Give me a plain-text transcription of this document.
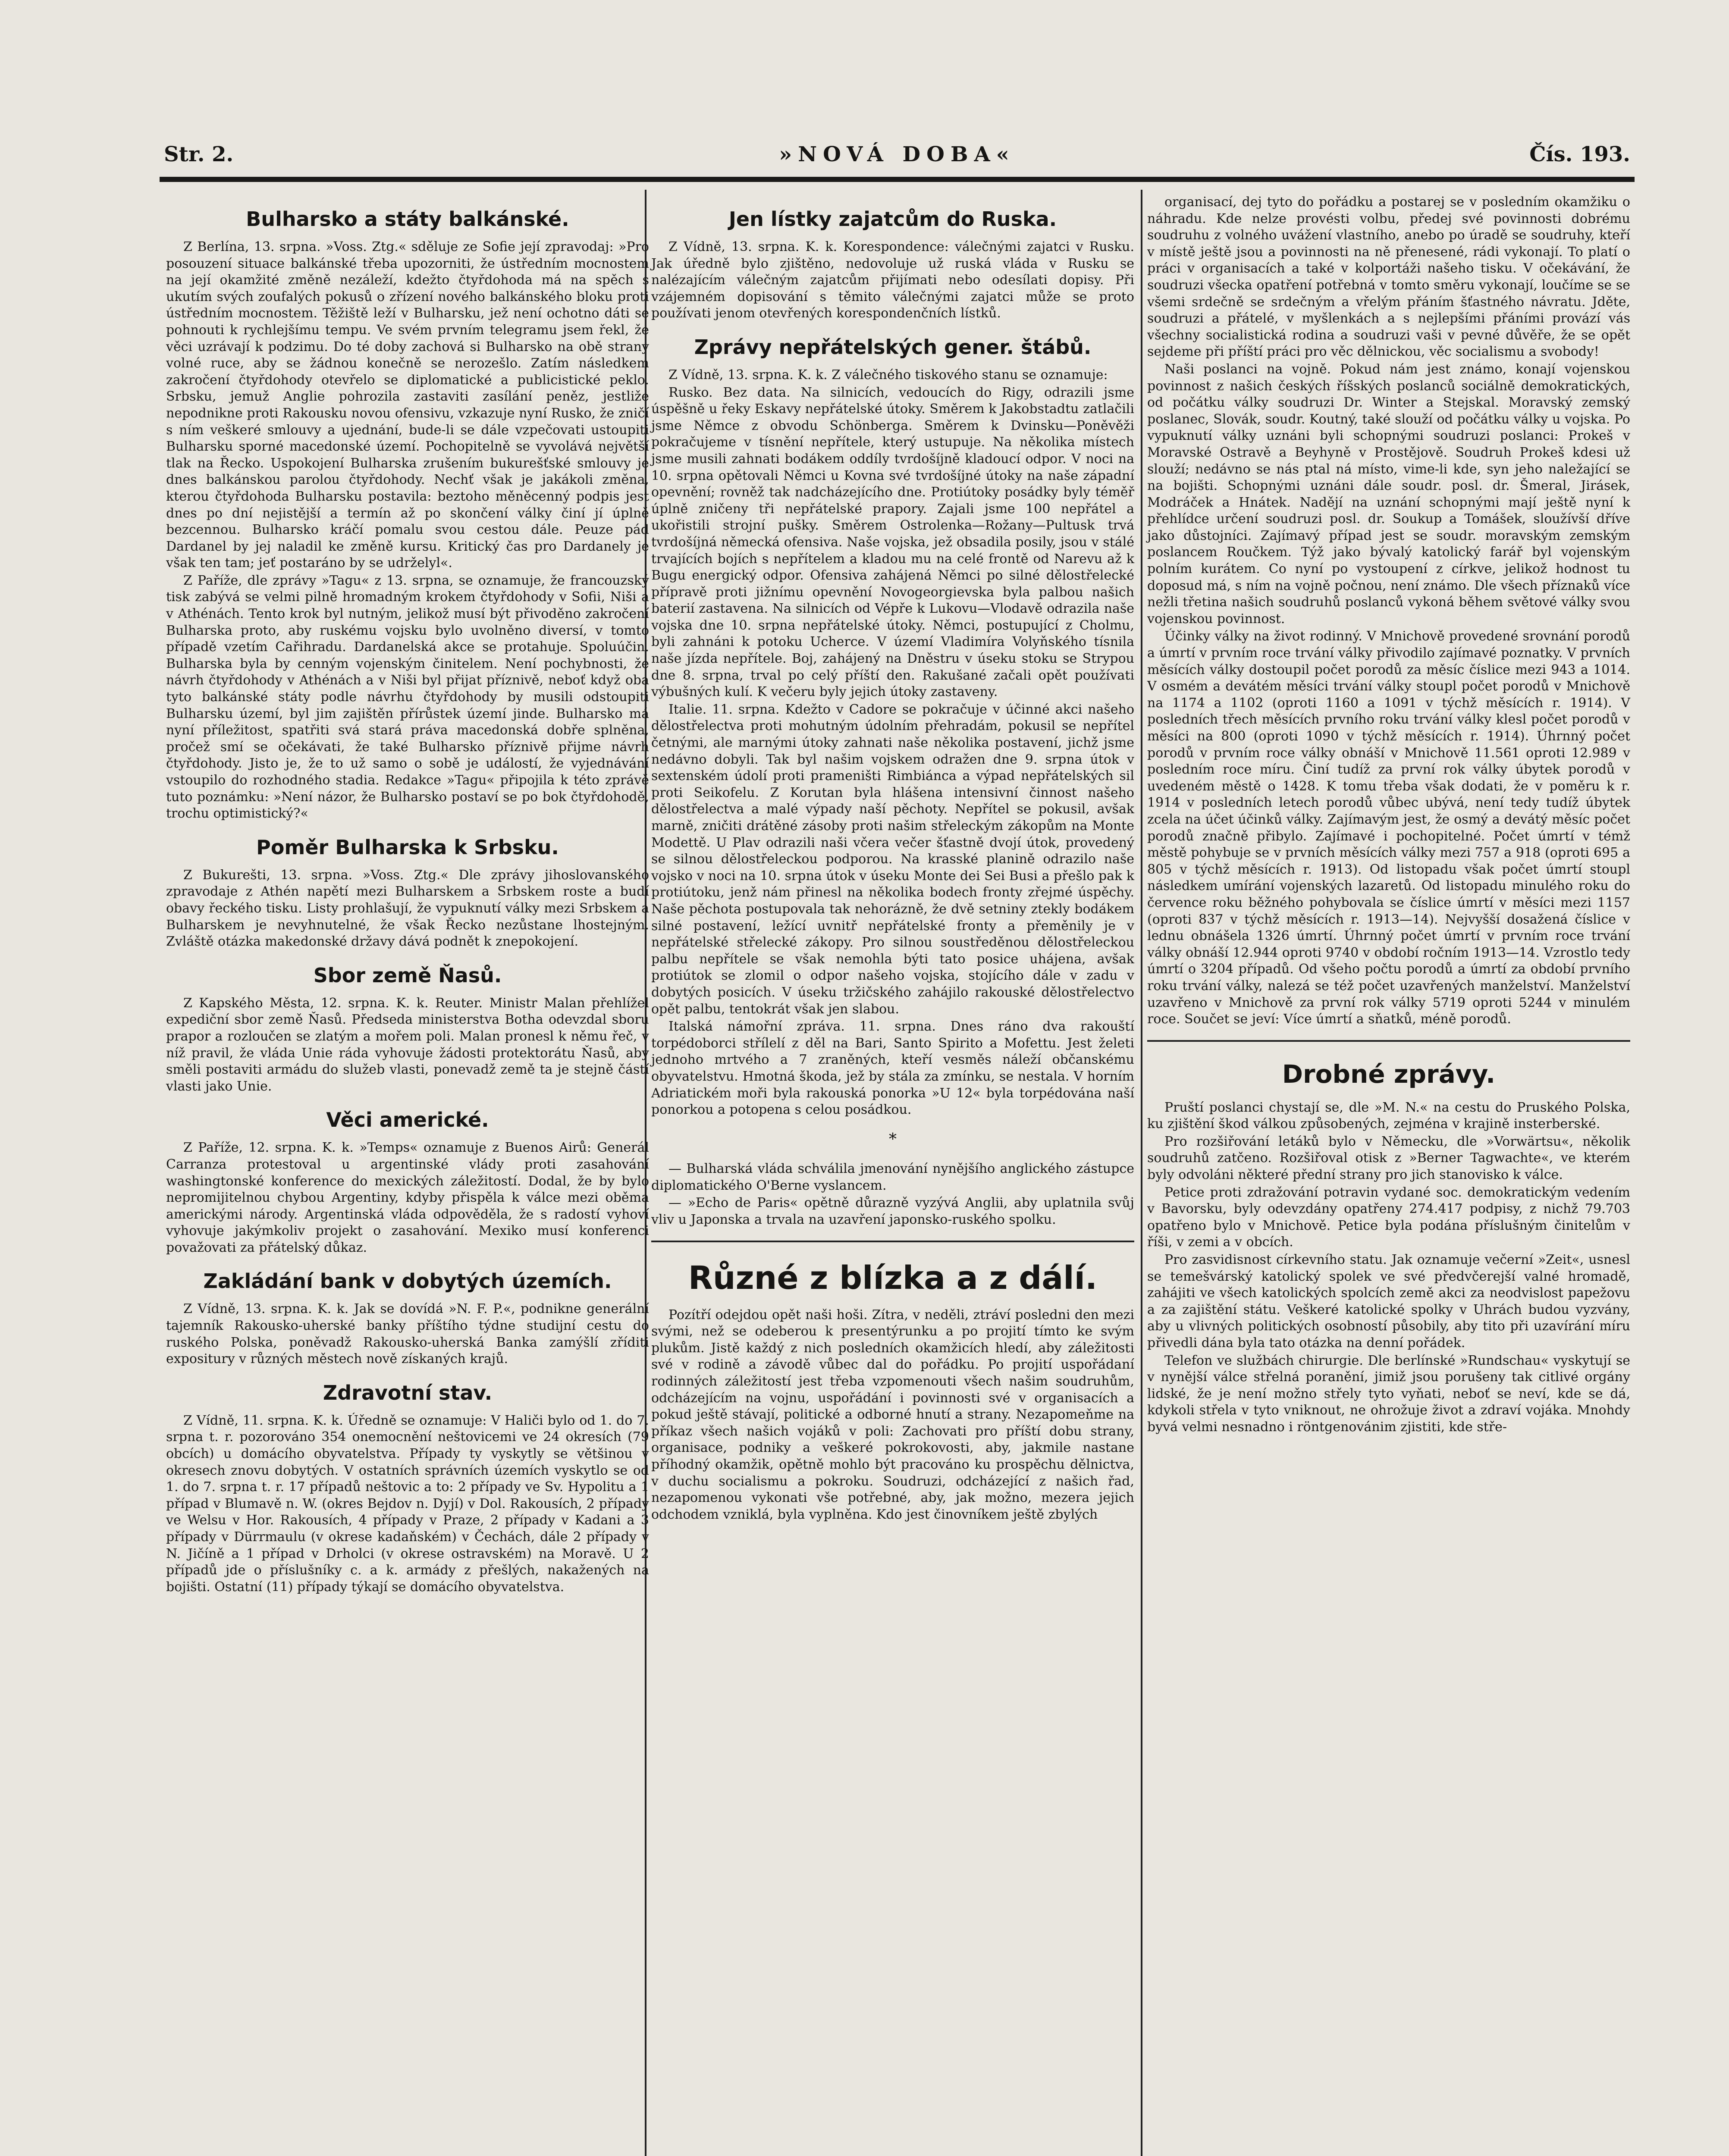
Str. 2.	»NOVÁ DOBA«	Čís. 193.
Bulharsko a státy balkánské.

Z Berlína, 13. srpna. »Voss. Ztg.« sděluje ze Sofie její zpravodaj: »Pro posouzení situace balkánské třeba upozorniti, že ústředním mocnostem na její okamžité změně nezáleží, kdežto čtyřdohoda má na spěch s ukutím svých zoufalých pokusů o zřízení nového balkánského bloku proti ústředním mocnostem. Těžiště leží v Bulharsku, jež není ochotno dáti se pohnouti k rychlejšímu tempu. Ve svém prvním telegramu jsem řekl, že věci uzrávají k podzimu. Do té doby zachová si Bulharsko na obě strany volné ruce, aby se žádnou konečně se nerozešlo. Zatím následkem zakročení čtyřdohody otevřelo se diplomatické a publicistické peklo. Srbsku, jemuž Anglie pohrozila zastaviti zasílání peněz, jestliže nepodnikne proti Rakousku novou ofensivu, vzkazuje nyní Rusko, že zničí s ním veškeré smlouvy a ujednání, bude-li se dále vzpečovati ustoupiti Bulharsku sporné macedonské území. Pochopitelně se vyvolává největší tlak na Řecko. Uspokojení Bulharska zrušením bukurešťské smlouvy je dnes balkánskou parolou čtyřdohody. Nechť však je jakákoli změna, kterou čtyřdohoda Bulharsku postavila: beztoho měněcenný podpis jest dnes po dní nejistější a termín až po skončení války činí jí úplně bezcennou. Bulharsko kráčí pomalu svou cestou dále. Peuze pád Dardanel by jej naladil ke změně kursu. Kritický čas pro Dardanely je však ten tam; jeť postaráno by se udrželyl«.

Z Paříže, dle zprávy »Tagu« z 13. srpna, se oznamuje, že francouzský tisk zabývá se velmi pilně hromadným krokem čtyřdohody v Sofii, Niši a v Athénách. Tento krok byl nutným, jelikož musí být přivoděno zakročení Bulharska proto, aby ruskému vojsku bylo uvolněno diversí, v tomto případě vzetím Cařihradu. Dardanelská akce se protahuje. Spoluúčin. Bulharska byla by cenným vojenským činitelem. Není pochybnosti, že návrh čtyřdohody v Athénách a v Niši byl přijat příznivě, neboť když oba tyto balkánské státy podle návrhu čtyřdohody by musili odstoupiti Bulharsku území, byl jim zajištěn přírůstek území jinde. Bulharsko má nyní příležitost, spatřiti svá stará práva macedonská dobře splněna, pročež smí se očekávati, že také Bulharsko příznivě přijme návrh čtyřdohody. Jisto je, že to už samo o sobě je událostí, že vyjednávání vstoupilo do rozhodného stadia. Redakce »Tagu« připojila k této zprávě tuto poznámku: »Není názor, že Bulharsko postaví se po bok čtyřdohodě, trochu optimistický?«

Poměr Bulharska k Srbsku.

Z Bukurešti, 13. srpna. »Voss. Ztg.« Dle zprávy jihoslovanského zpravodaje z Athén napětí mezi Bulharskem a Srbskem roste a budí obavy řeckého tisku. Listy prohlašují, že vypuknutí války mezi Srbskem a Bulharskem je nevyhnutelné, že však Řecko nezůstane lhostejným. Zvláště otázka makedonské državy dává podnět k znepokojení.

Sbor země Ňasů.

Z Kapského Města, 12. srpna. K. k. Reuter. Ministr Malan přehlížel expediční sbor země Ňasů. Předseda ministerstva Botha odevzdal sboru prapor a rozloučen se zlatým a mořem poli. Malan pronesl k němu řeč, v níž pravil, že vláda Unie ráda vyhovuje žádosti protektorátu Ňasů, aby směli postaviti armádu do služeb vlasti, ponevadž země ta je stejně částí vlasti jako Unie.

Věci americké.

Z Paříže, 12. srpna. K. k. »Temps« oznamuje z Buenos Airů: Generál Carranza protestoval u argentinské vlády proti zasahování washingtonské konference do mexických záležitostí. Dodal, že by bylo nepromijitelnou chybou Argentiny, kdyby přispěla k válce mezi oběma americkými národy. Argentinská vláda odpověděla, že s radostí vyhoví vyhovuje jakýmkoliv projekt o zasahování. Mexiko musí konferenci považovati za přátelský důkaz.

Zakládání bank v dobytých územích.

Z Vídně, 13. srpna. K. k. Jak se dovídá »N. F. P.«, podnikne generální tajemník Rakousko-uherské banky příštího týdne studijní cestu do ruského Polska, poněvadž Rakousko-uherská Banka zamýšlí zříditi expositury v různých městech nově získaných krajů.

Zdravotní stav.

Z Vídně, 11. srpna. K. k. Úředně se oznamuje: V Haliči bylo od 1. do 7. srpna t. r. pozorováno 354 onemocnění neštovicemi ve 24 okresích (79 obcích) u domácího obyvatelstva. Případy ty vyskytly se většinou v okresech znovu dobytých. V ostatních správních územích vyskytlo se od 1. do 7. srpna t. r. 17 případů neštovic a to: 2 případy ve Sv. Hypolitu a 1 případ v Blumavě n. W. (okres Bejdov n. Dyjí) v Dol. Rakousích, 2 případy ve Welsu v Hor. Rakousích, 4 případy v Praze, 2 případy v Kadani a 3 případy v Dürrmaulu (v okrese kadaňském) v Čechách, dále 2 případy v N. Jičíně a 1 případ v Drholci (v okrese ostravském) na Moravě. U 2 případů jde o příslušníky c. a k. armády z přešlých, nakažených na bojišti. Ostatní (11) případy týkají se domácího obyvatelstva.

Jen lístky zajatcům do Ruska.

Z Vídně, 13. srpna. K. k. Korespondence: válečnými zajatci v Rusku. Jak úředně bylo zjištěno, nedovoluje už ruská vláda v Rusku se nalézajícím válečným zajatcům přijímati nebo odesílati dopisy. Při vzájemném dopisování s těmito válečnými zajatci může se proto používati jenom otevřených korespondenčních lístků.

Zprávy nepřátelských gener. štábů.

Z Vídně, 13. srpna. K. k. Z válečného tiskového stanu se oznamuje:

Rusko. Bez data. Na silnicích, vedoucích do Rigy, odrazili jsme úspěšně u řeky Eskavy nepřátelské útoky. Směrem k Jakobstadtu zatlačili jsme Němce z obvodu Schönberga. Směrem k Dvinsku—Poněvěži pokračujeme v tísnění nepřítele, který ustupuje. Na několika místech jsme musili zahnati bodákem oddíly tvrdošíjně kladoucí odpor. V noci na 10. srpna opětovali Němci u Kovna své tvrdošíjné útoky na naše západní opevnění; rovněž tak nadcházejícího dne. Protiútoky posádky byly téměř úplně zničeny tři nepřátelské prapory. Zajali jsme 100 nepřátel a ukořistili strojní pušky. Směrem Ostrolenka—Rožany—Pultusk trvá tvrdošíjná německá ofensiva. Naše vojska, jež obsadila posily, jsou v stálé trvajících bojích s nepřítelem a kladou mu na celé frontě od Narevu až k Bugu energický odpor. Ofensiva zahájená Němci po silné dělostřelecké přípravě proti jižnímu opevnění Novogeorgievska byla palbou našich baterií zastavena. Na silnicích od Vépře k Lukovu—Vlodavě odrazila naše vojska dne 10. srpna nepřátelské útoky. Němci, postupující z Cholmu, byli zahnáni k potoku Ucherce. V území Vladimíra Volyňského tísnila naše jízda nepřítele. Boj, zahájený na Dněstru v úseku stoku se Strypou dne 8. srpna, trval po celý příští den. Rakušané začali opět používati výbušných kulí. K večeru byly jejich útoky zastaveny.

Italie. 11. srpna. Kdežto v Cadore se pokračuje v účinné akci našeho dělostřelectva proti mohutným údolním přehradám, pokusil se nepřítel četnými, ale marnými útoky zahnati naše několika postavení, jichž jsme nedávno dobyli. Tak byl našim vojskem odražen dne 9. srpna útok v sextenském údolí proti prameništi Rimbiánca a výpad nepřátelských sil proti Seikofelu. Z Korutan byla hlášena intensivní činnost našeho dělostřelectva a malé výpady naší pěchoty. Nepřítel se pokusil, avšak marně, zničiti drátěné zásoby proti našim střeleckým zákopům na Monte Modettě. U Plav odrazili naši včera večer šťastně dvojí útok, provedený se silnou dělostřeleckou podporou. Na krasské planině odrazilo naše vojsko v noci na 10. srpna útok v úseku Monte dei Sei Busi a přešlo pak k protiútoku, jenž nám přinesl na několika bodech fronty zřejmé úspěchy. Naše pěchota postupovala tak nehorázně, že dvě setniny ztekly bodákem silné postavení, ležící uvnitř nepřátelské fronty a přeměnily je v nepřátelské střelecké zákopy. Pro silnou soustředěnou dělostřeleckou palbu nepřítele se však nemohla býti tato posice uhájena, avšak protiútok se zlomil o odpor našeho vojska, stojícího dále v zadu v dobytých posicích. V úseku tržičského zahájilo rakouské dělostřelectvo opět palbu, tentokrát však jen slabou.

Italská námořní zpráva. 11. srpna. Dnes ráno dva rakouští torpédoborci střílelí z děl na Bari, Santo Spirito a Mofettu. Jest želeti jednoho mrtvého a 7 zraněných, kteří vesměs náleží občanskému obyvatelstvu. Hmotná škoda, jež by stála za zmínku, se nestala. V horním Adriatickém moři byla rakouská ponorka »U 12« byla torpédována naší ponorkou a potopena s celou posádkou.

*

— Bulharská vláda schválila jmenování nynějšího anglického zástupce diplomatického O'Berne vyslancem.

— »Echo de Paris« opětně důrazně vyzývá Anglii, aby uplatnila svůj vliv u Japonska a trvala na uzavření japonsko-ruského spolku.

Různé z blízka a z dálí.

Pozítří odejdou opět naši hoši. Zítra, v neděli, ztráví posledni den mezi svými, než se odeberou k presentýrunku a po projití tímto ke svým plukům. Jistě každý z nich posledních okamžicích hledí, aby záležitosti své v rodině a závodě vůbec dal do pořádku. Po projití uspořádaní rodinných záležitostí jest třeba vzpomenouti všech našim soudruhům, odcházejícím na vojnu, uspořádání i povinnosti své v organisacích a pokud ještě stávají, politické a odborné hnutí a strany. Nezapomeňme na příkaz všech našich vojáků v poli: Zachovati pro příští dobu strany, organisace, podniky a veškeré pokrokovosti, aby, jakmile nastane příhodný okamžik, opětně mohlo být pracováno ku prospěchu dělnictva, v duchu socialismu a pokroku. Soudruzi, odcházející z našich řad, nezapomenou vykonati vše potřebné, aby, jak možno, mezera jejich odchodem vzniklá, byla vyplněna. Kdo jest činovníkem ještě zbylých

organisací, dej tyto do pořádku a postarej se v posledním okamžiku o náhradu. Kde nelze provésti volbu, předej své povinnosti dobrému soudruhu z volného uvážení vlastního, anebo po úradě se soudruhy, kteří v místě ještě jsou a povinnosti na ně přenesené, rádi vykonají. To platí o práci v organisacích a také v kolportáži našeho tisku. V očekávání, že soudruzi všecka opatření potřebná v tomto směru vykonají, loučíme se se všemi srdečně se srdečným a vřelým přáním šťastného návratu. Jděte, soudruzi a přátelé, v myšlenkách a s nejlepšími přáními provází vás všechny socialistická rodina a soudruzi vaši v pevné důvěře, že se opět sejdeme při příští práci pro věc dělnickou, věc socialismu a svobody!

Naši poslanci na vojně. Pokud nám jest známo, konají vojenskou povinnost z našich českých říšských poslanců sociálně demokratických, od počátku války soudruzi Dr. Winter a Stejskal. Moravský zemský poslanec, Slovák, soudr. Koutný, také slouží od počátku války u vojska. Po vypuknutí války uznáni byli schopnými soudruzi poslanci: Prokeš v Moravské Ostravě a Beyhyně v Prostějově. Soudruh Prokeš kdesi už slouží; nedávno se nás ptal ná místo, vime-li kde, syn jeho naležající se na bojišti. Schopnými uznáni dále soudr. posl. dr. Šmeral, Jirásek, Modráček a Hnátek. Nadějí na uznání schopnými mají ještě nyní k přehlídce určení soudruzi posl. dr. Soukup a Tomášek, sloužívší dříve jako důstojníci. Zajímavý případ jest se soudr. moravským zemským poslancem Roučkem. Týž jako bývalý katolický farář byl vojenským polním kurátem. Co nyní po vystoupení z církve, jelikož hodnost tu doposud má, s ním na vojně počnou, není známo. Dle všech příznaků více nežli třetina našich soudruhů poslanců vykoná během světové války svou vojenskou povinnost.

Účinky války na život rodinný. V Mnichově provedené srovnání porodů a úmrtí v prvním roce trvání války přivodilo zajímavé poznatky. V prvních měsících války dostoupil počet porodů za měsíc číslice mezi 943 a 1014. V osmém a devátém měsíci trvání války stoupl počet porodů v Mnichově na 1174 a 1102 (oproti 1160 a 1091 v týchž měsících r. 1914). V posledních třech měsících prvního roku trvání války klesl počet porodů v měsíci na 800 (oproti 1090 v týchž měsících r. 1914). Úhrnný počet porodů v prvním roce války obnáší v Mnichově 11.561 oproti 12.989 v posledním roce míru. Činí tudíž za první rok války úbytek porodů v uvedeném městě o 1428. K tomu třeba však dodati, že v poměru k r. 1914 v posledních letech porodů vůbec ubývá, není tedy tudíž úbytek zcela na účet účinků války. Zajímavým jest, že osmý a devátý měsíc počet porodů značně přibylo. Zajímavé i pochopitelné. Počet úmrtí v témž městě pohybuje se v prvních měsících války mezi 757 a 918 (oproti 695 a 805 v týchž měsících r. 1913). Od listopadu však počet úmrtí stoupl následkem umírání vojenských lazaretů. Od listopadu minulého roku do července roku běžného pohybovala se číslice úmrtí v měsíci mezi 1157 (oproti 837 v týchž měsících r. 1913—14). Nejvyšší dosažená číslice v lednu obnášela 1326 úmrtí. Úhrnný počet úmrtí v prvním roce trvání války obnáší 12.944 oproti 9740 v období ročním 1913—14. Vzrostlo tedy úmrtí o 3204 případů. Od všeho počtu porodů a úmrtí za období prvního roku trvání války, nalezá se též počet uzavřených manželství. Manželství uzavřeno v Mnichově za první rok války 5719 oproti 5244 v minulém roce. Součet se jeví: Více úmrtí a sňatků, méně porodů.

Drobné zprávy.

Pruští poslanci chystají se, dle »M. N.« na cestu do Pruského Polska, ku zjištění škod válkou způsobených, zejména v krajině insterberské.

Pro rozšiřování letáků bylo v Německu, dle »Vorwärtsu«, několik soudruhů zatčeno. Rozšiřoval otisk z »Berner Tagwachte«, ve kterém byly odvoláni některé přední strany pro jich stanovisko k válce.

Petice proti zdražování potravin vydané soc. demokratickým vedením v Bavorsku, byly odevzdány opatřeny 274.417 podpisy, z nichž 79.703 opatřeno bylo v Mnichově. Petice byla podána příslušným činitelům v říši, v zemi a v obcích.

Pro zasvidisnost církevního statu. Jak oznamuje večerní »Zeit«, usnesl se temešvárský katolický spolek ve své předvčerejší valné hromadě, zahájiti ve všech katolických spolcích země akci za neodvislost papežovu a za zajištění státu. Veškeré katolické spolky v Uhrách budou vyzvány, aby u vlivných politických osobností působily, aby tito při uzavírání míru přivedli dána byla tato otázka na denní pořádek.

Telefon ve službách chirurgie. Dle berlínské »Rundschau« vyskytují se v nynější válce střelná poranění, jimiž jsou porušeny tak citlivé orgány lidské, že je není možno střely tyto vyňati, neboť se neví, kde se dá, kdykoli střela v tyto vniknout, ne ohrožuje život a zdraví vojáka. Mnohdy byvá velmi nesnadno i röntgenovánim zjistiti, kde stře-
